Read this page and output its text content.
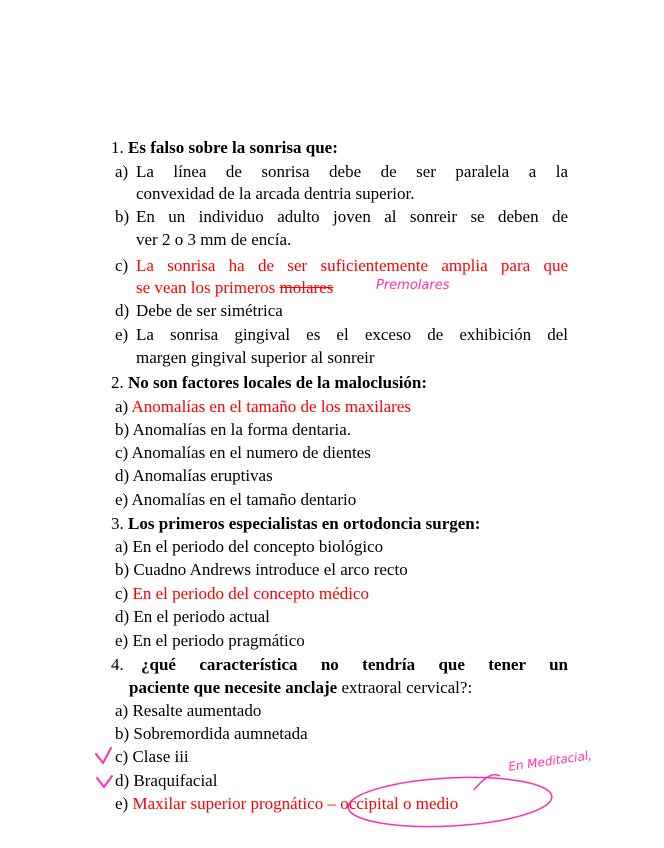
1. Es falso sobre la sonrisa que:
a) La línea de sonrisa debe de ser paralela a la
convexidad de la arcada dentria superior.
b) En un individuo adulto joven al sonreir se deben de
ver 2 o 3 mm de encía.
c) La sonrisa ha de ser suficientemente amplia para que
se vean los primeros molares	Premolares
d) Debe de ser simétrica
e) La sonrisa gingival es el exceso de exhibición del
margen gingival superior al sonreir
2. No son factores locales de la maloclusión:
a) Anomalías en el tamaño de los maxilares
b) Anomalías en la forma dentaria.
c) Anomalías en el numero de dientes
d) Anomalías eruptivas
e) Anomalías en el tamaño dentario
3. Los primeros especialistas en ortodoncia surgen:
a) En el periodo del concepto biológico
b) Cuadno Andrews introduce el arco recto
c) En el periodo del concepto médico
d) En el periodo actual
e) En el periodo pragmático
4. ¿qué característica no tendría que tener un
paciente que necesite anclaje extraoral cervical?:
a) Resalte aumentado
b) Sobremordida aumnetada
c) Clase iii
d) Braquifacial
e) Maxilar superior prognático – occipital o medio
En Meditacial,
